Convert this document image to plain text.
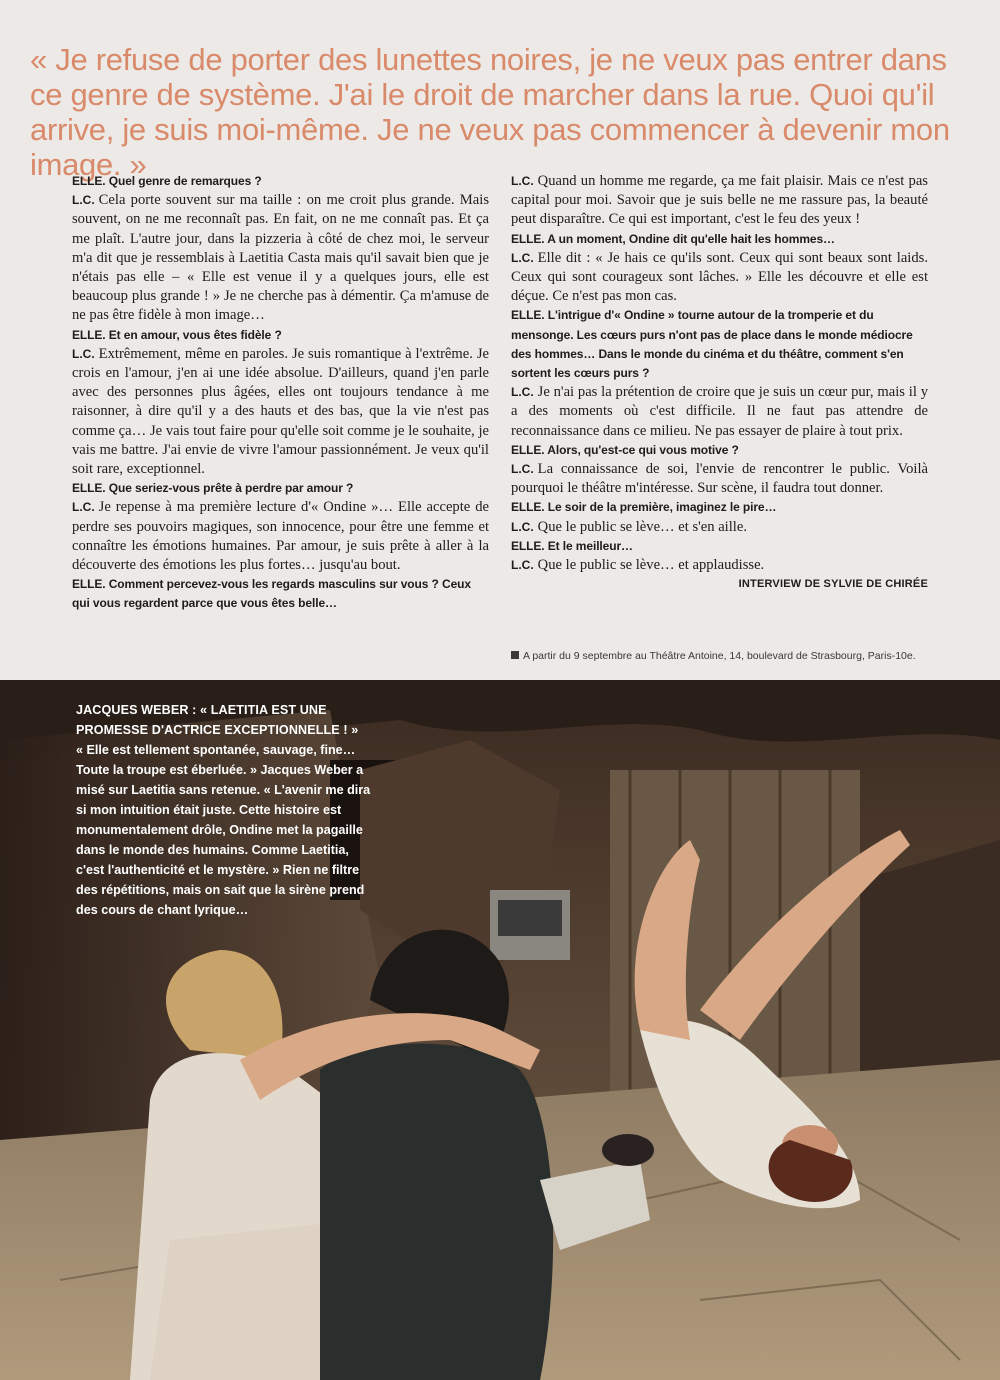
« Je refuse de porter des lunettes noires, je ne veux pas entrer dans ce genre de système. J'ai le droit de marcher dans la rue. Quoi qu'il arrive, je suis moi-même. Je ne veux pas commencer à devenir mon image. »

ELLE. Quel genre de remarques ?

L.C. Cela porte souvent sur ma taille : on me croit plus grande. Mais souvent, on ne me reconnaît pas. En fait, on ne me connaît pas. Et ça me plaît. L'autre jour, dans la pizzeria à côté de chez moi, le serveur m'a dit que je ressemblais à Laetitia Casta mais qu'il savait bien que je n'étais pas elle – « Elle est venue il y a quelques jours, elle est beaucoup plus grande ! » Je ne cherche pas à démentir. Ça m'amuse de ne pas être fidèle à mon image…

ELLE. Et en amour, vous êtes fidèle ?

L.C. Extrêmement, même en paroles. Je suis romantique à l'extrême. Je crois en l'amour, j'en ai une idée absolue. D'ailleurs, quand j'en parle avec des personnes plus âgées, elles ont toujours tendance à me raisonner, à dire qu'il y a des hauts et des bas, que la vie n'est pas comme ça… Je vais tout faire pour qu'elle soit comme je le souhaite, je vais me battre. J'ai envie de vivre l'amour passionnément. Je veux qu'il soit rare, exceptionnel.

ELLE. Que seriez-vous prête à perdre par amour ?

L.C. Je repense à ma première lecture d'« Ondine »… Elle accepte de perdre ses pouvoirs magiques, son innocence, pour être une femme et connaître les émotions humaines. Par amour, je suis prête à aller à la découverte des émotions les plus fortes… jusqu'au bout.

ELLE. Comment percevez-vous les regards masculins sur vous ? Ceux qui vous regardent parce que vous êtes belle…

L.C. Quand un homme me regarde, ça me fait plaisir. Mais ce n'est pas capital pour moi. Savoir que je suis belle ne me rassure pas, la beauté peut disparaître. Ce qui est important, c'est le feu des yeux !

ELLE. A un moment, Ondine dit qu'elle hait les hommes…

L.C. Elle dit : « Je hais ce qu'ils sont. Ceux qui sont beaux sont laids. Ceux qui sont courageux sont lâches. » Elle les découvre et elle est déçue. Ce n'est pas mon cas.

ELLE. L'intrigue d'« Ondine » tourne autour de la tromperie et du mensonge. Les cœurs purs n'ont pas de place dans le monde médiocre des hommes… Dans le monde du cinéma et du théâtre, comment s'en sortent les cœurs purs ?

L.C. Je n'ai pas la prétention de croire que je suis un cœur pur, mais il y a des moments où c'est difficile. Il ne faut pas attendre de reconnaissance dans ce milieu. Ne pas essayer de plaire à tout prix.

ELLE. Alors, qu'est-ce qui vous motive ?

L.C. La connaissance de soi, l'envie de rencontrer le public. Voilà pourquoi le théâtre m'intéresse. Sur scène, il faudra tout donner.

ELLE. Le soir de la première, imaginez le pire…

L.C. Que le public se lève… et s'en aille.

ELLE. Et le meilleur…

L.C. Que le public se lève… et applaudisse.

INTERVIEW DE SYLVIE DE CHIRÉE

A partir du 9 septembre au Théâtre Antoine, 14, boulevard de Strasbourg, Paris-10e.

JACQUES WEBER : « LAETITIA EST UNE PROMESSE D'ACTRICE EXCEPTIONNELLE ! »

« Elle est tellement spontanée, sauvage, fine… Toute la troupe est éberluée. » Jacques Weber a misé sur Laetitia sans retenue. « L'avenir me dira si mon intuition était juste. Cette histoire est monumentalement drôle, Ondine met la pagaille dans le monde des humains. Comme Laetitia, c'est l'authenticité et le mystère. » Rien ne filtre des répétitions, mais on sait que la sirène prend des cours de chant lyrique…
